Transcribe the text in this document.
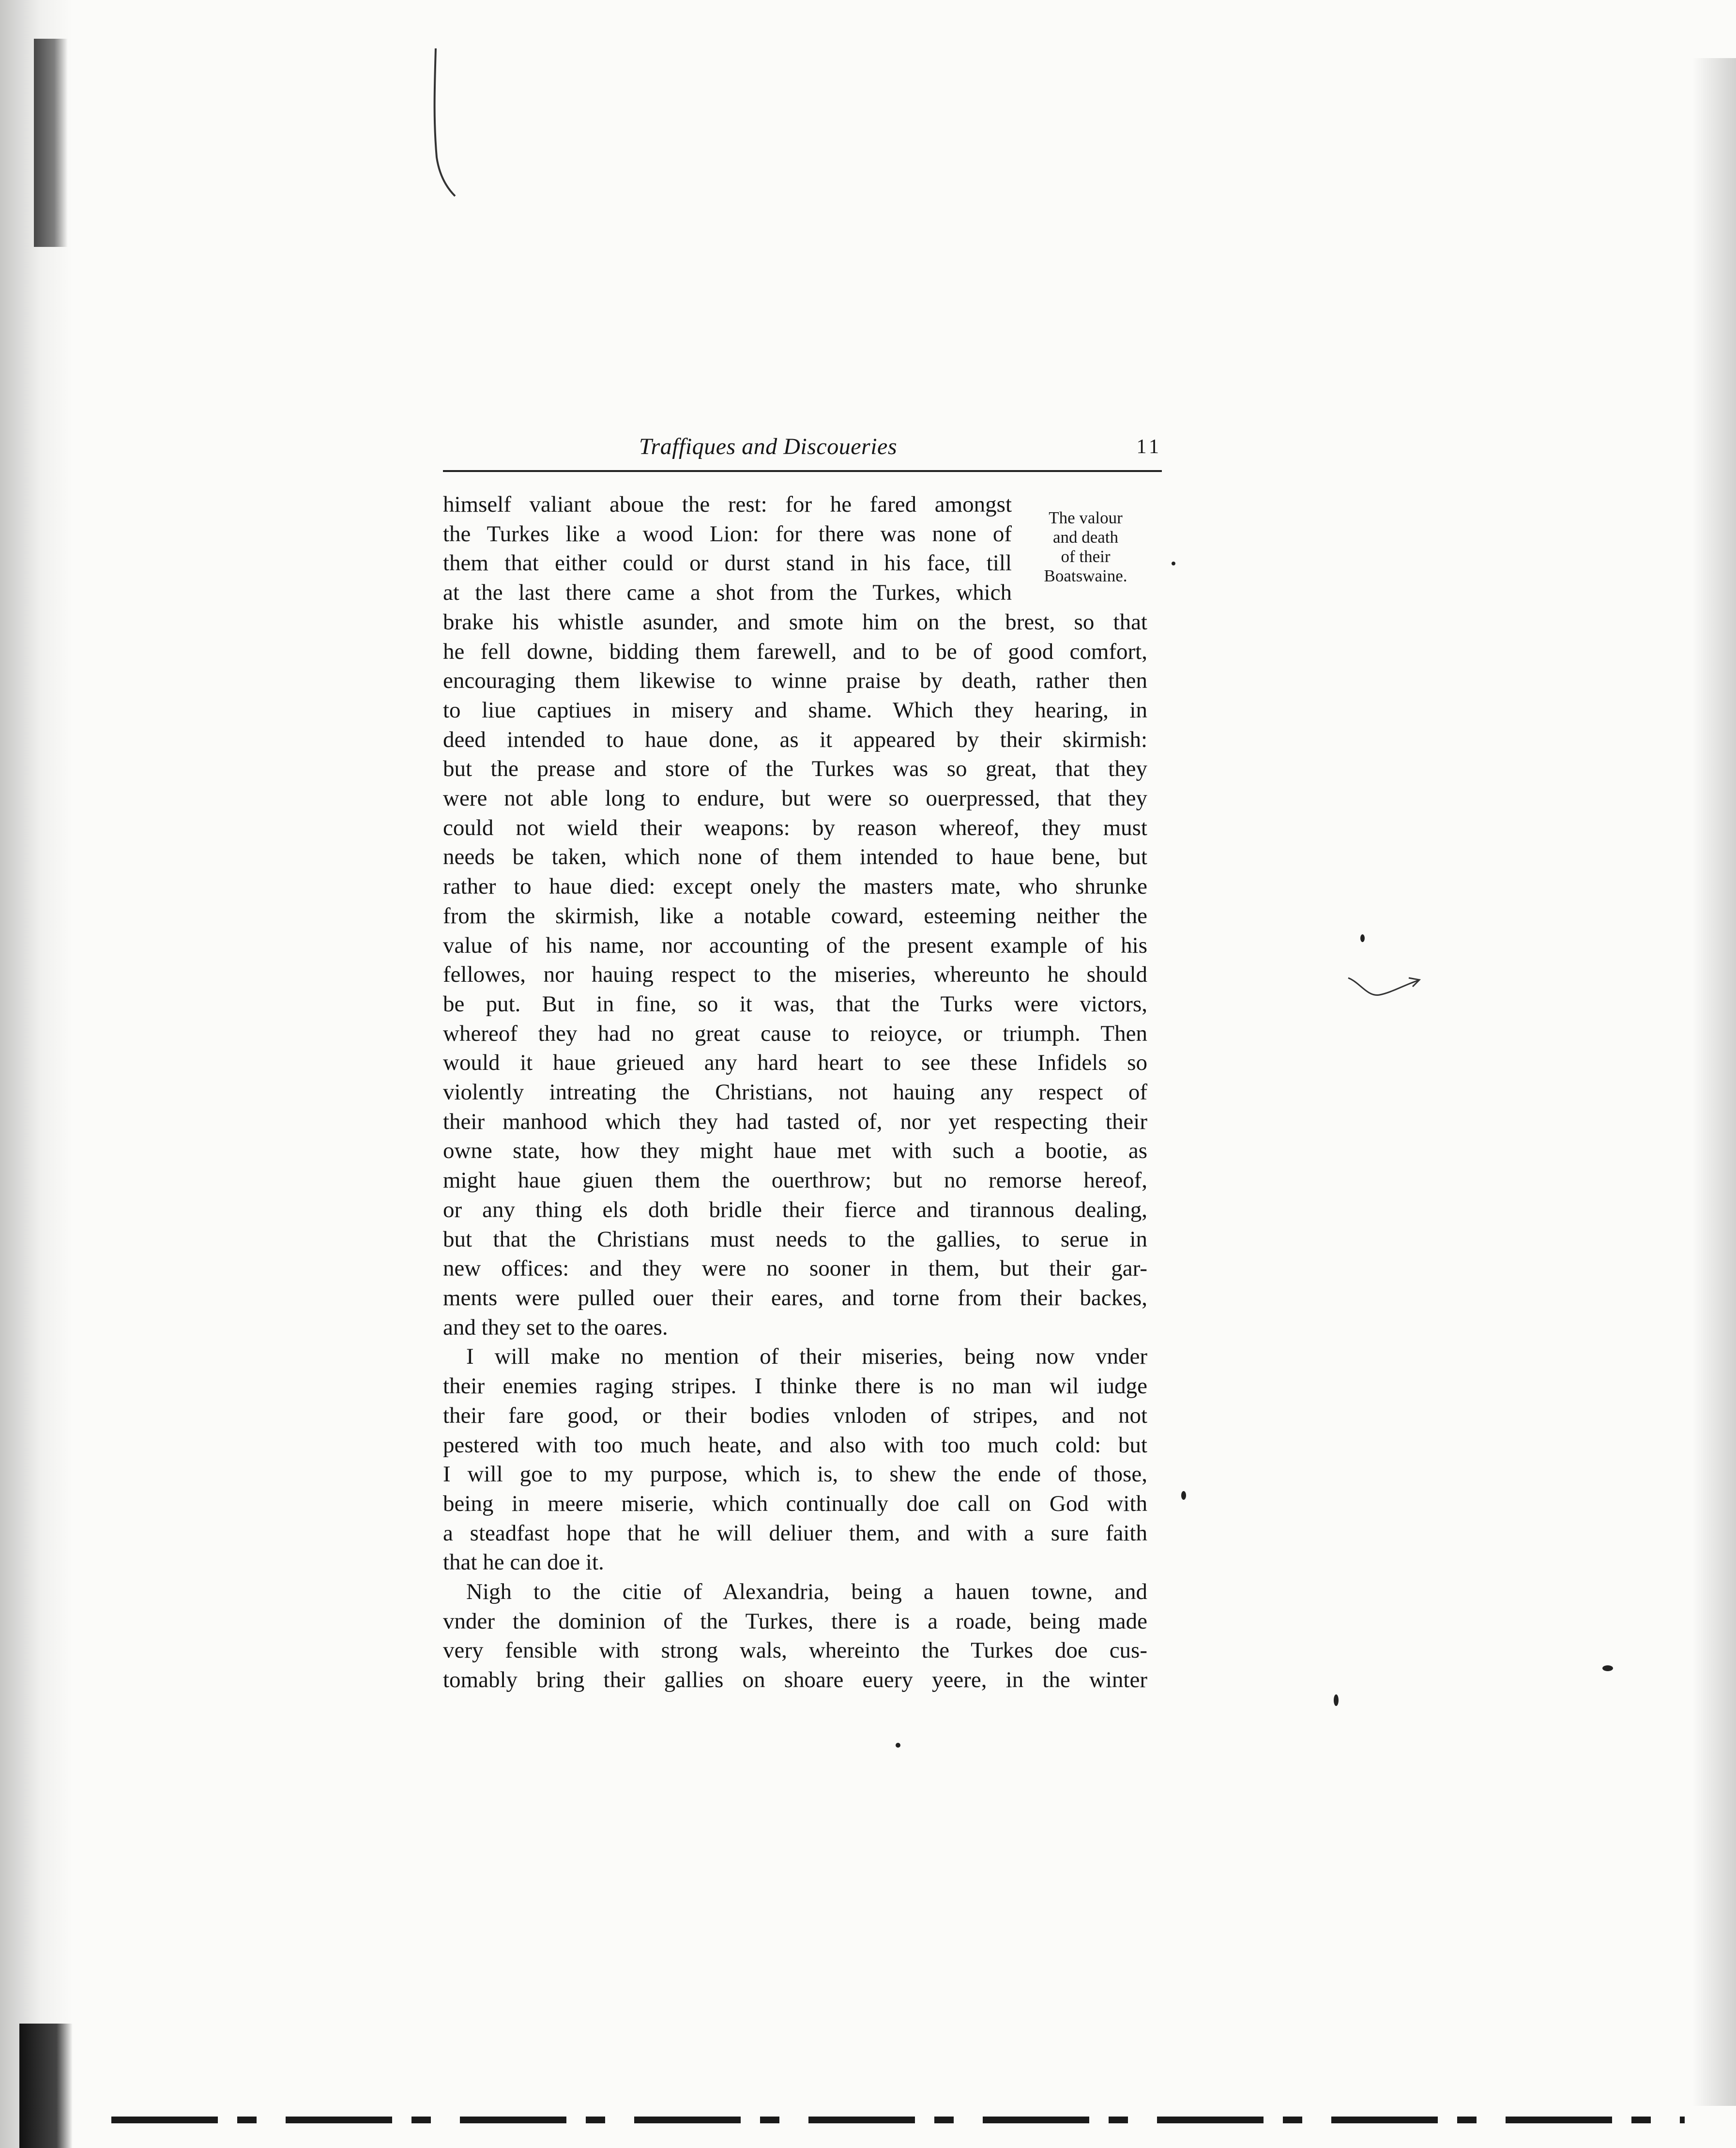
Traffiques and Discoueries	11
The valour
and death
of their
Boatswaine.
himself valiant aboue the rest: for he fared amongst
the Turkes like a wood Lion: for there was none of
them that either could or durst stand in his face, till
at the last there came a shot from the Turkes, which
brake his whistle asunder, and smote him on the brest, so that
he fell downe, bidding them farewell, and to be of good comfort,
encouraging them likewise to winne praise by death, rather then
to liue captiues in misery and shame. Which they hearing, in
deed intended to haue done, as it appeared by their skirmish:
but the prease and store of the Turkes was so great, that they
were not able long to endure, but were so ouerpressed, that they
could not wield their weapons: by reason whereof, they must
needs be taken, which none of them intended to haue bene, but
rather to haue died: except onely the masters mate, who shrunke
from the skirmish, like a notable coward, esteeming neither the
value of his name, nor accounting of the present example of his
fellowes, nor hauing respect to the miseries, whereunto he should
be put. But in fine, so it was, that the Turks were victors,
whereof they had no great cause to reioyce, or triumph. Then
would it haue grieued any hard heart to see these Infidels so
violently intreating the Christians, not hauing any respect of
their manhood which they had tasted of, nor yet respecting their
owne state, how they might haue met with such a bootie, as
might haue giuen them the ouerthrow; but no remorse hereof,
or any thing els doth bridle their fierce and tirannous dealing,
but that the Christians must needs to the gallies, to serue in
new offices: and they were no sooner in them, but their gar-
ments were pulled ouer their eares, and torne from their backes,
and they set to the oares.
I will make no mention of their miseries, being now vnder
their enemies raging stripes. I thinke there is no man wil iudge
their fare good, or their bodies vnloden of stripes, and not
pestered with too much heate, and also with too much cold: but
I will goe to my purpose, which is, to shew the ende of those,
being in meere miserie, which continually doe call on God with
a steadfast hope that he will deliuer them, and with a sure faith
that he can doe it.
Nigh to the citie of Alexandria, being a hauen towne, and
vnder the dominion of the Turkes, there is a roade, being made
very fensible with strong wals, whereinto the Turkes doe cus-
tomably bring their gallies on shoare euery yeere, in the winter
